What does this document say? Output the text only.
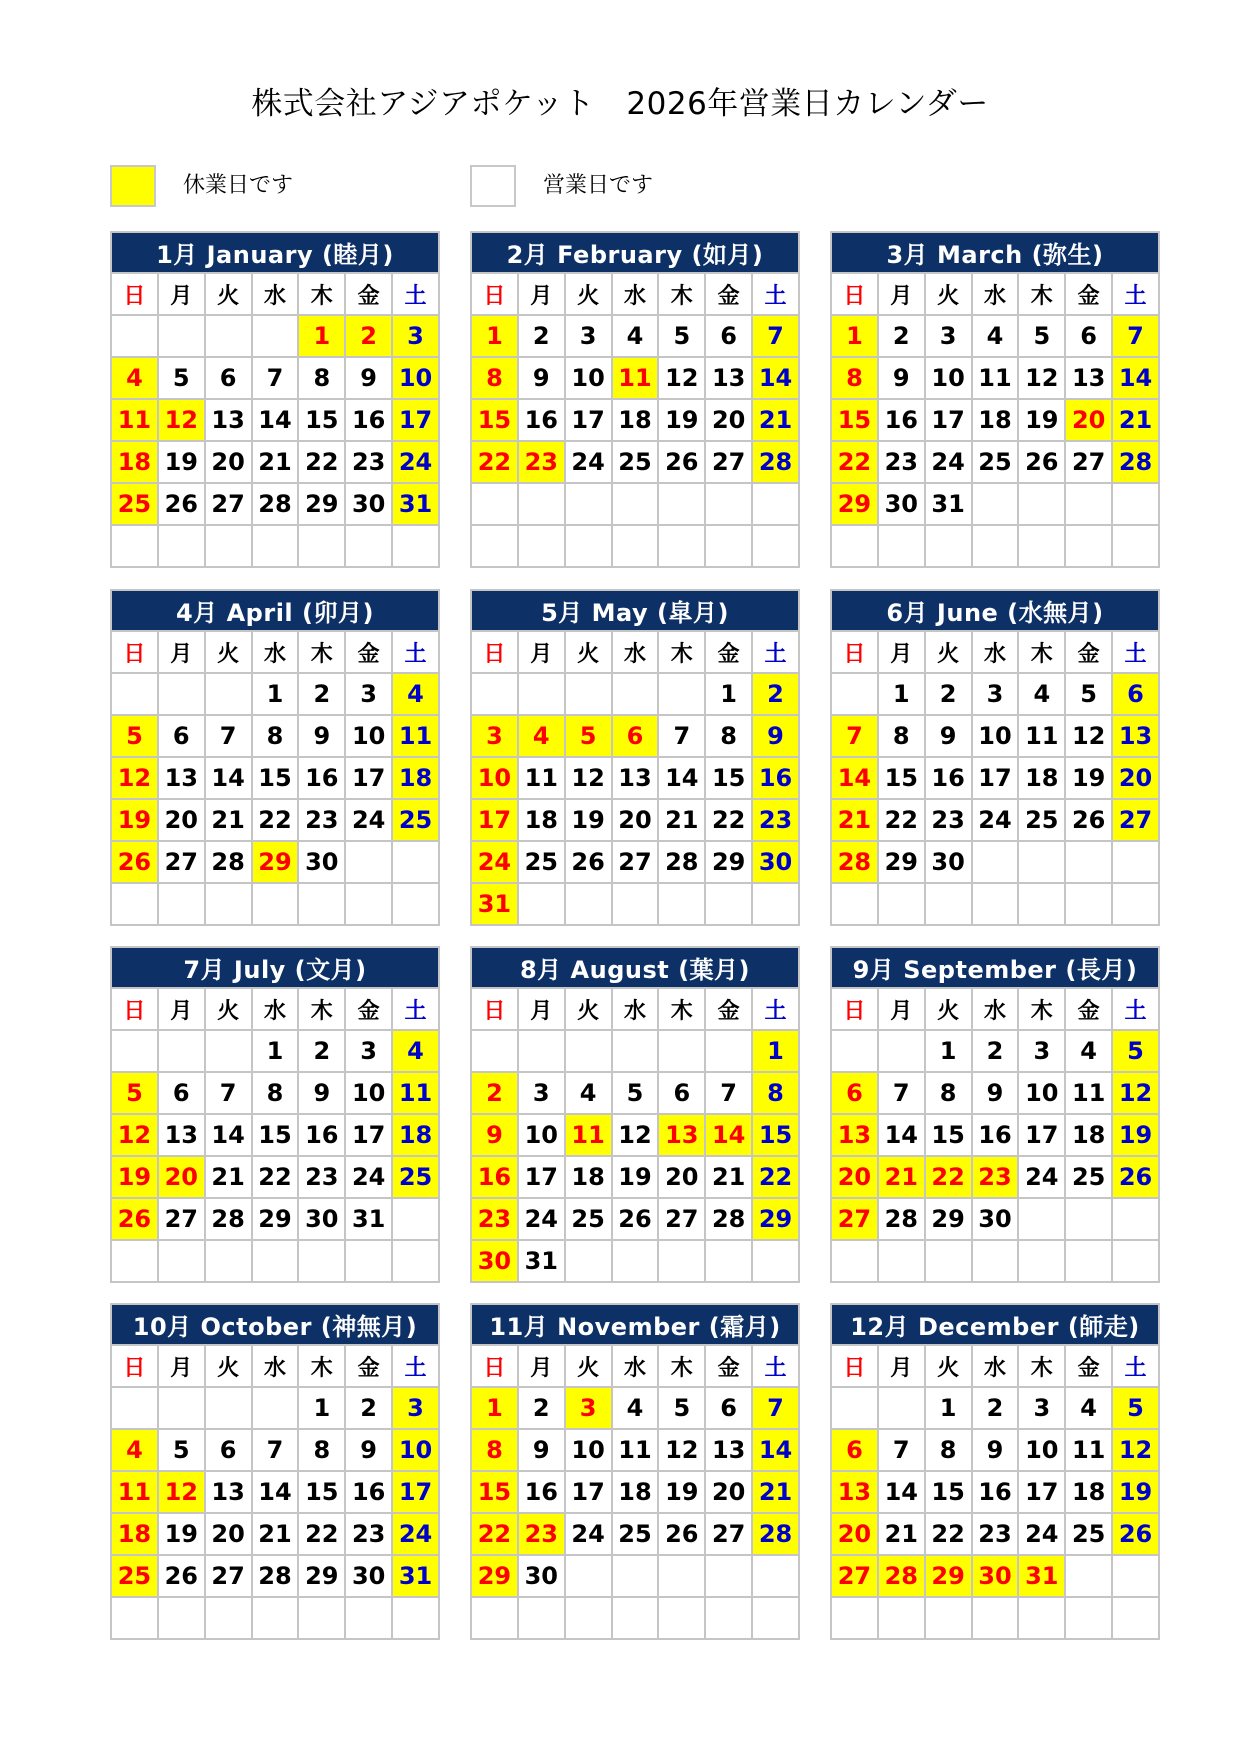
株式会社アジアポケット　2026年営業日カレンダー
休業日です	営業日です
1月 January (睦月)						
日	月	火	水	木	金	土
				1	2	3
4	5	6	7	8	9	10
11	12	13	14	15	16	17
18	19	20	21	22	23	24
25	26	27	28	29	30	31

2月 February (如月)						
日	月	火	水	木	金	土
1	2	3	4	5	6	7
8	9	10	11	12	13	14
15	16	17	18	19	20	21
22	23	24	25	26	27	28

3月 March (弥生)						
日	月	火	水	木	金	土
1	2	3	4	5	6	7
8	9	10	11	12	13	14
15	16	17	18	19	20	21
22	23	24	25	26	27	28
29	30	31				

4月 April (卯月)						
日	月	火	水	木	金	土
			1	2	3	4
5	6	7	8	9	10	11
12	13	14	15	16	17	18
19	20	21	22	23	24	25
26	27	28	29	30		

5月 May (皐月)						
日	月	火	水	木	金	土
					1	2
3	4	5	6	7	8	9
10	11	12	13	14	15	16
17	18	19	20	21	22	23
24	25	26	27	28	29	30
31						
6月 June (水無月)						
日	月	火	水	木	金	土
	1	2	3	4	5	6
7	8	9	10	11	12	13
14	15	16	17	18	19	20
21	22	23	24	25	26	27
28	29	30				

7月 July (文月)						
日	月	火	水	木	金	土
			1	2	3	4
5	6	7	8	9	10	11
12	13	14	15	16	17	18
19	20	21	22	23	24	25
26	27	28	29	30	31	

8月 August (葉月)						
日	月	火	水	木	金	土
						1
2	3	4	5	6	7	8
9	10	11	12	13	14	15
16	17	18	19	20	21	22
23	24	25	26	27	28	29
30	31					
9月 September (長月)						
日	月	火	水	木	金	土
		1	2	3	4	5
6	7	8	9	10	11	12
13	14	15	16	17	18	19
20	21	22	23	24	25	26
27	28	29	30			

10月 October (神無月)						
日	月	火	水	木	金	土
				1	2	3
4	5	6	7	8	9	10
11	12	13	14	15	16	17
18	19	20	21	22	23	24
25	26	27	28	29	30	31

11月 November (霜月)						
日	月	火	水	木	金	土
1	2	3	4	5	6	7
8	9	10	11	12	13	14
15	16	17	18	19	20	21
22	23	24	25	26	27	28
29	30					

12月 December (師走)						
日	月	火	水	木	金	土
		1	2	3	4	5
6	7	8	9	10	11	12
13	14	15	16	17	18	19
20	21	22	23	24	25	26
27	28	29	30	31		
